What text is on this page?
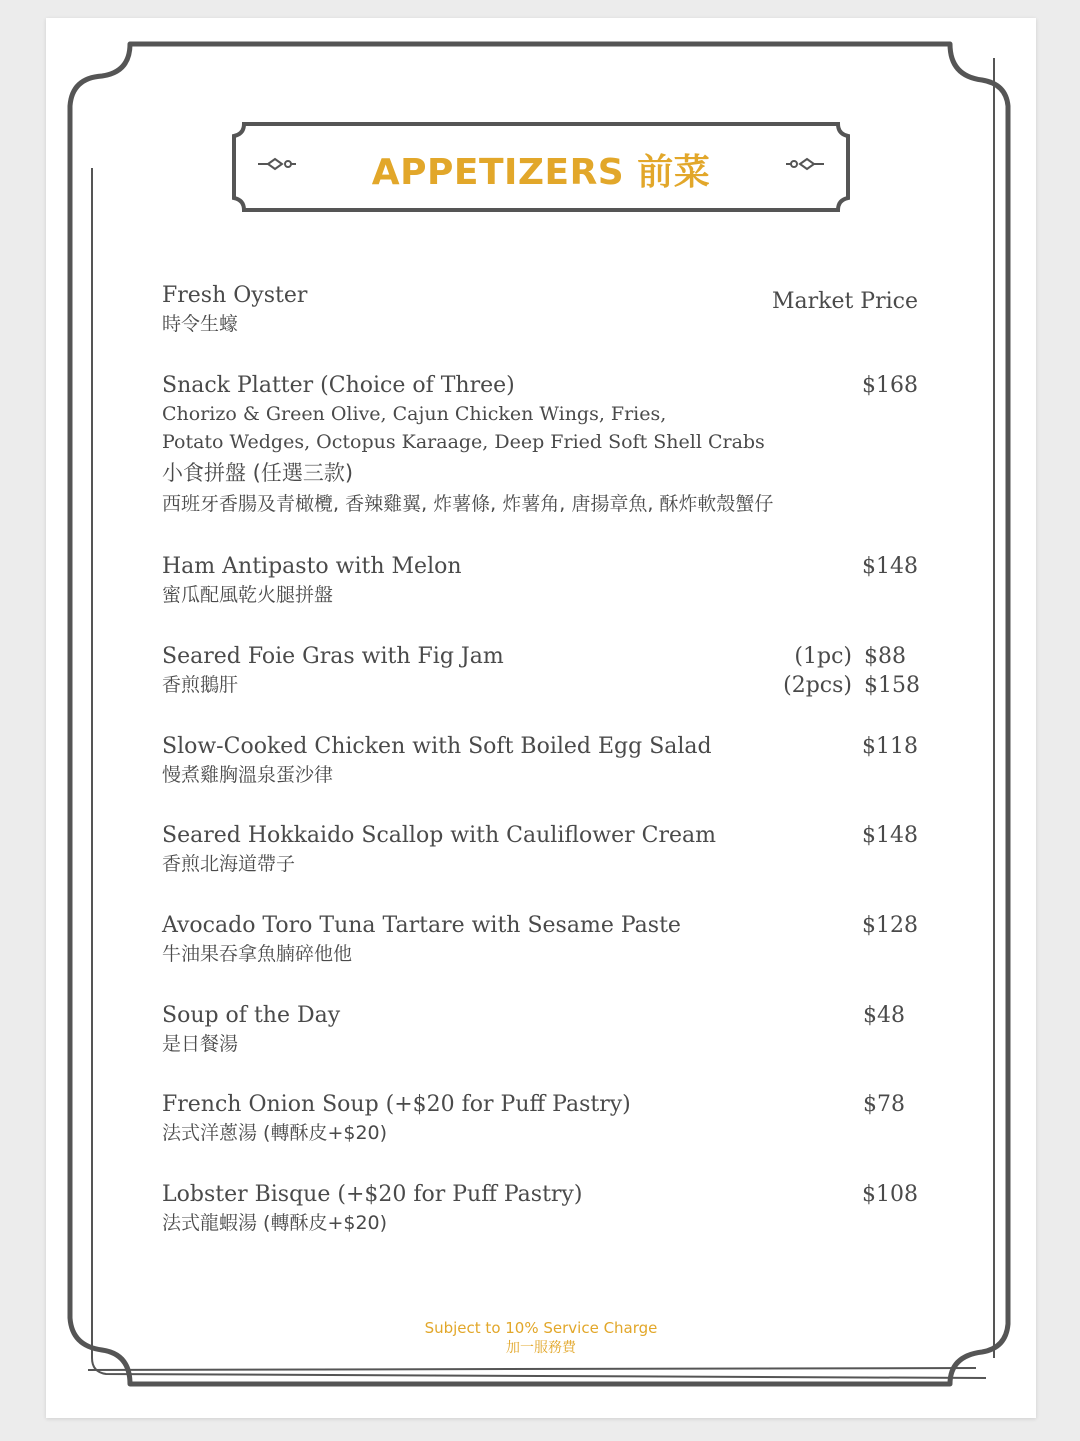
APPETIZERS 前菜
Fresh Oyster
時令生蠔
Market Price
Snack Platter (Choice of Three)
Chorizo & Green Olive, Cajun Chicken Wings, Fries,
Potato Wedges, Octopus Karaage, Deep Fried Soft Shell Crabs
小食拼盤 (任選三款)
西班牙香腸及青橄欖, 香辣雞翼, 炸薯條, 炸薯角, 唐揚章魚, 酥炸軟殼蟹仔
$168
Ham Antipasto with Melon
蜜瓜配風乾火腿拼盤
$148
Seared Foie Gras with Fig Jam
香煎鵝肝
(1pc) $88
(2pcs) $158
Slow-Cooked Chicken with Soft Boiled Egg Salad
慢煮雞胸溫泉蛋沙律
$118
Seared Hokkaido Scallop with Cauliflower Cream
香煎北海道帶子
$148
Avocado Toro Tuna Tartare with Sesame Paste
牛油果吞拿魚腩碎他他
$128
Soup of the Day
是日餐湯
$48
French Onion Soup (+$20 for Puff Pastry)
法式洋蔥湯 (轉酥皮+$20)
$78
Lobster Bisque (+$20 for Puff Pastry)
法式龍蝦湯 (轉酥皮+$20)
$108
Subject to 10% Service Charge
加一服務費
